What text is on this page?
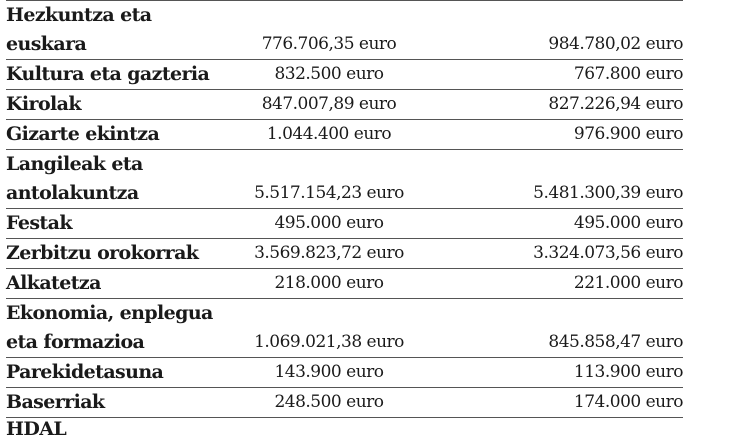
Hezkuntza eta
euskara	776.706,35 euro	984.780,02 euro

Kultura eta gazteria	832.500 euro	767.800 euro

Kirolak	847.007,89 euro	827.226,94 euro

Gizarte ekintza	1.044.400 euro	976.900 euro

Langileak eta
antolakuntza	5.517.154,23 euro	5.481.300,39 euro

Festak	495.000 euro	495.000 euro

Zerbitzu orokorrak	3.569.823,72 euro	3.324.073,56 euro

Alkatetza	218.000 euro	221.000 euro

Ekonomia, enplegua
eta formazioa	1.069.021,38 euro	845.858,47 euro

Parekidetasuna	143.900 euro	113.900 euro

Baserriak	248.500 euro	174.000 euro

HDAL		
